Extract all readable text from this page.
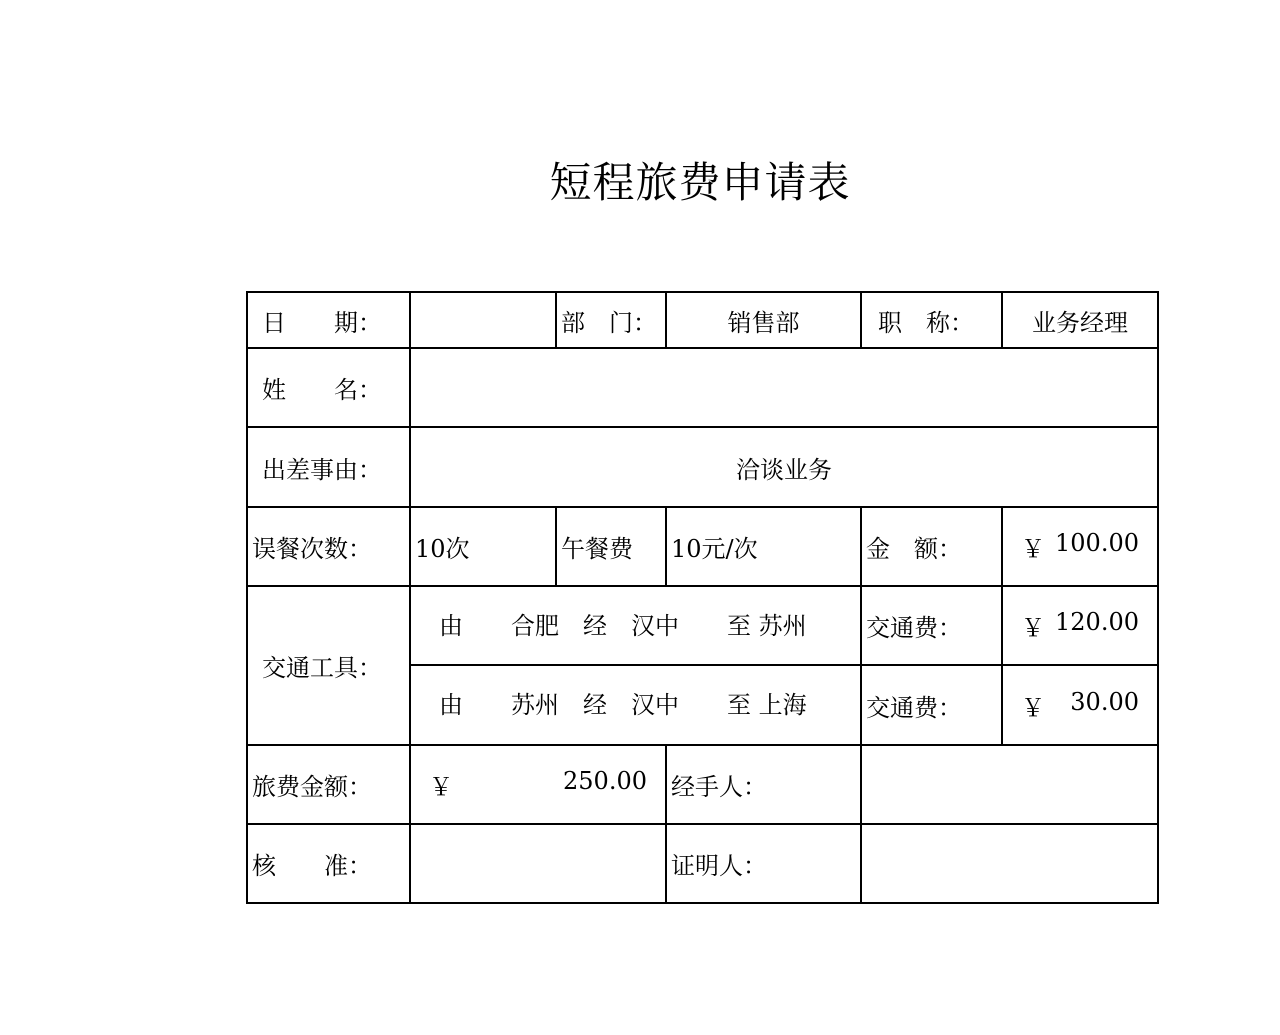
短程旅费申请表
日　　期：		部　门：	销售部	职　称：	业务经理
姓　　名：					
出差事由：	洽谈业务				
误餐次数：	10次	午餐费	10元/次	金　额：	￥ 100.00

交通工具：	　由　　合肥　经　汉中　　至 苏州			交通费：	￥ 120.00

	　由　　苏州　经　汉中　　至 上海			交通费：	￥ 30.00

旅费金额：	￥ 250.00		经手人：		
核　　准：			证明人：		
